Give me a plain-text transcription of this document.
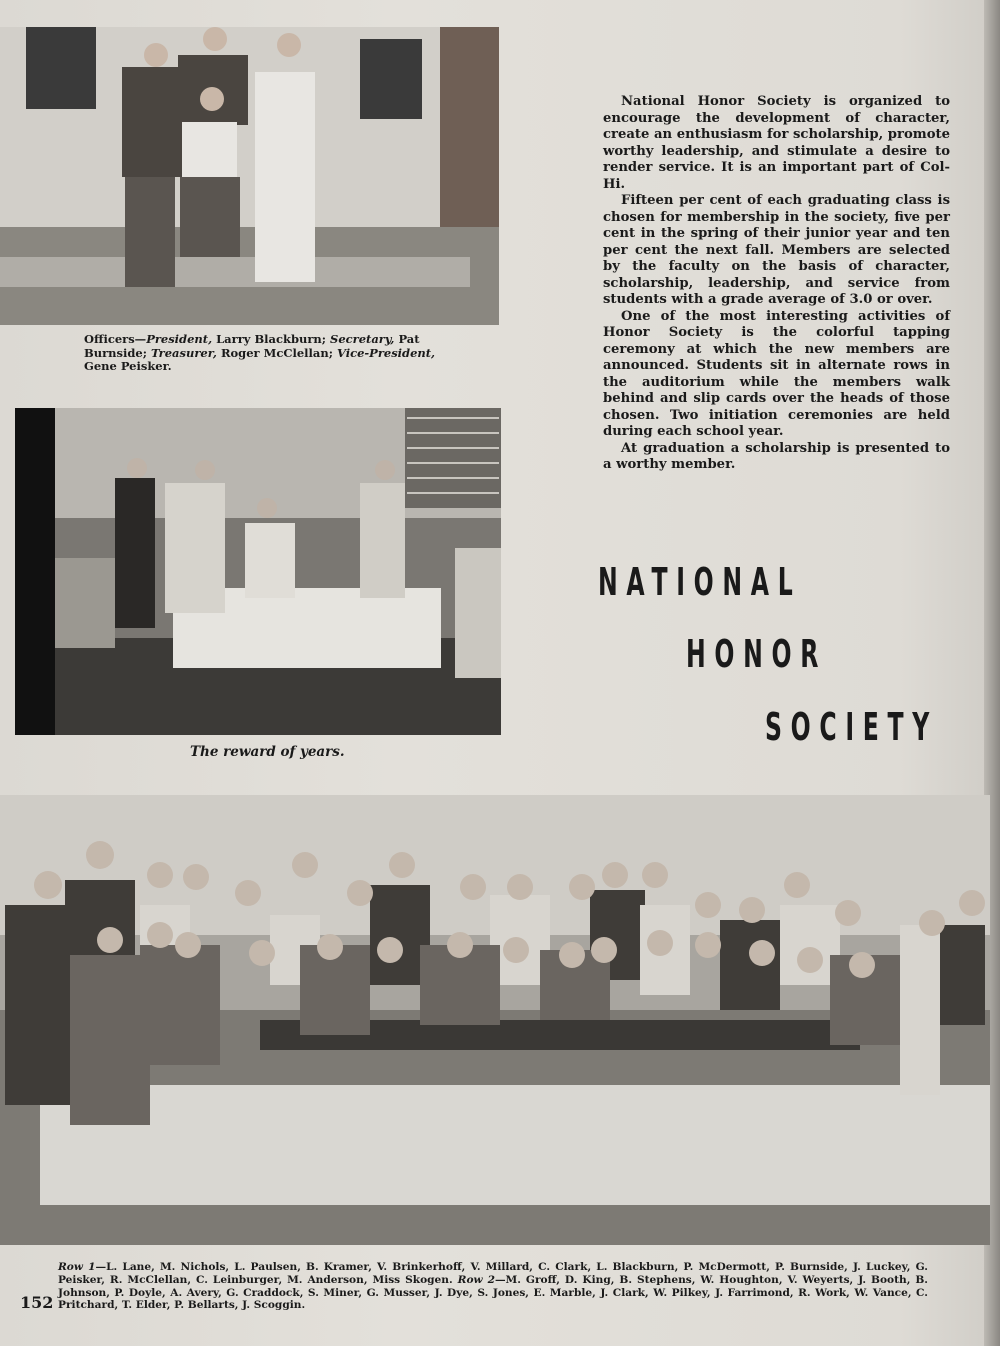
Officers—President, Larry Blackburn; Secretary, Pat Burnside; Treasurer, Roger McClellan; Vice-President, Gene Peisker.
The reward of years.

National Honor Society is organized to encourage the development of character, create an enthusiasm for scholarship, promote worthy leadership, and stimulate a desire to render service. It is an important part of Col-Hi.

Fifteen per cent of each graduating class is chosen for membership in the society, five per cent in the spring of their junior year and ten per cent the next fall. Members are selected by the faculty on the basis of character, scholarship, leadership, and service from students with a grade average of 3.0 or over.

One of the most interesting activities of Honor Society is the colorful tapping ceremony at which the new members are announced. Students sit in alternate rows in the auditorium while the members walk behind and slip cards over the heads of those chosen. Two initiation ceremonies are held during each school year.

At graduation a scholarship is presented to a worthy member.

NATIONAL
HONOR
SOCIETY
Row 1—L. Lane, M. Nichols, L. Paulsen, B. Kramer, V. Brinkerhoff, V. Millard, C. Clark, L. Blackburn, P. McDermott, P. Burnside, J. Luckey, G. Peisker, R. McClellan, C. Leinburger, M. Anderson, Miss Skogen. Row 2—M. Groff, D. King, B. Stephens, W. Houghton, V. Weyerts, J. Booth, B. Johnson, P. Doyle, A. Avery, G. Craddock, S. Miner, G. Musser, J. Dye, S. Jones, E. Marble, J. Clark, W. Pilkey, J. Farrimond, R. Work, W. Vance, C. Pritchard, T. Elder, P. Bellarts, J. Scoggin.
152
